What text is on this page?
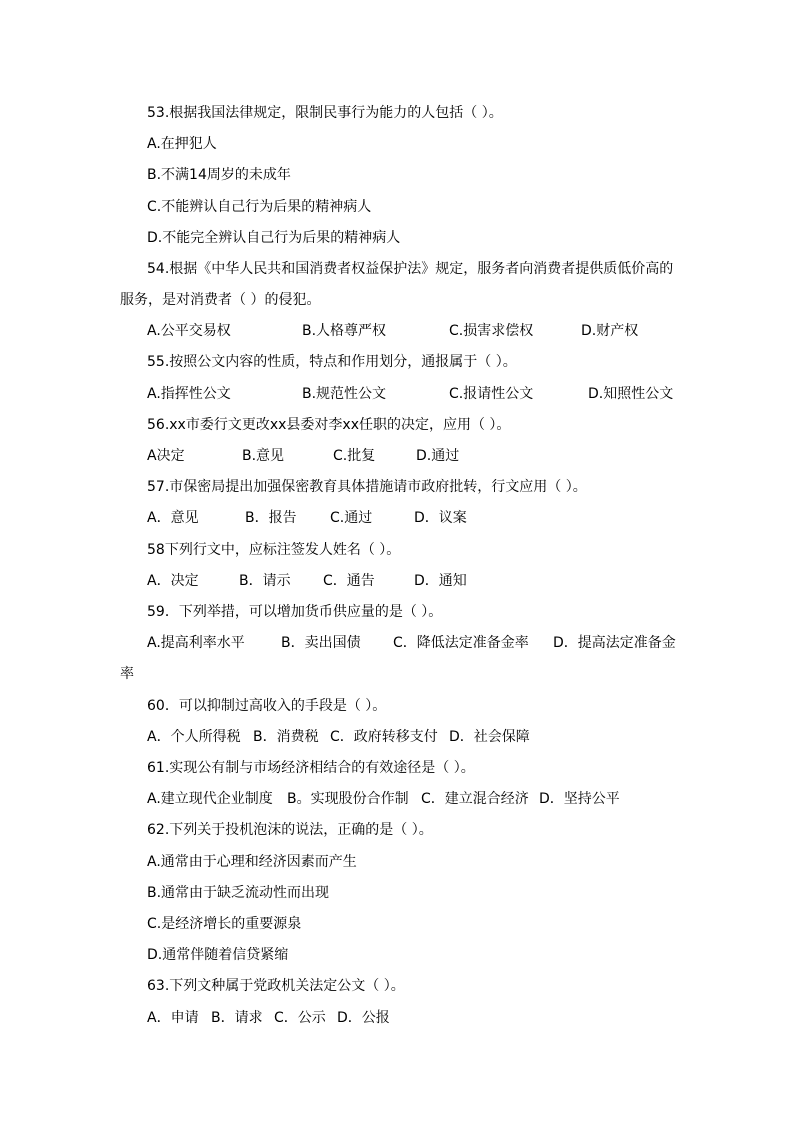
53.根据我国法律规定，限制民事行为能力的人包括（ ）。
A.在押犯人
B.不满14周岁的未成年
C.不能辨认自己行为后果的精神病人
D.不能完全辨认自己行为后果的精神病人
54.根据《中华人民共和国消费者权益保护法》规定，服务者向消费者提供质低价高的
服务，是对消费者（ ）的侵犯。
A.公平交易权	B.人格尊严权	C.损害求偿权	D.财产权
55.按照公文内容的性质，特点和作用划分，通报属于（ ）。
A.指挥性公文	B.规范性公文	C.报请性公文	D.知照性公文
56.xx市委行文更改xx县委对李xx任职的决定，应用（ ）。
A决定	B.意见	C.批复	D.通过
57.市保密局提出加强保密教育具体措施请市政府批转，行文应用（ ）。
A．意见	B．报告 C.通过	D．议案
58下列行文中，应标注签发人姓名（ ）。
A．决定	B．请示 C．通告	D．通知
59．下列举措，可以增加货币供应量的是（ ）。
A.提高利率水平	B．卖出国债 C．降低法定准备金率 D．提高法定准备金
率
60．可以抑制过高收入的手段是（ ）。
A．个人所得税 B．消费税 C．政府转移支付 D．社会保障
61.实现公有制与市场经济相结合的有效途径是（ ）。
A.建立现代企业制度 B。实现股份合作制 C．建立混合经济 D．坚持公平
62.下列关于投机泡沫的说法，正确的是（ ）。
A.通常由于心理和经济因素而产生
B.通常由于缺乏流动性而出现
C.是经济增长的重要源泉
D.通常伴随着信贷紧缩
63.下列文种属于党政机关法定公文（ ）。
A．申请 B．请求 C．公示 D．公报
